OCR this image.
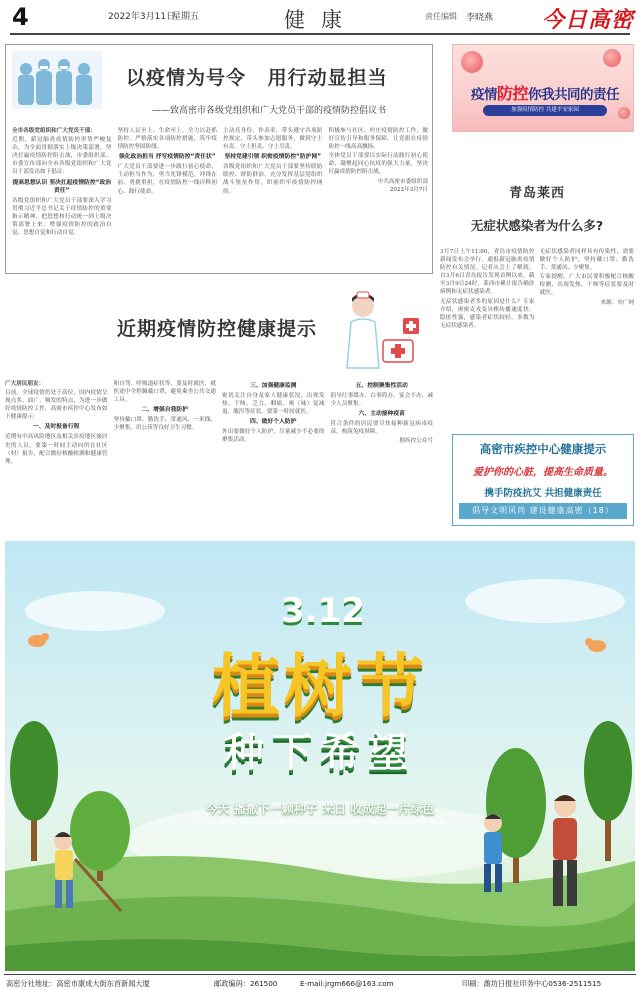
4	2022年3月11日
星期五	健康	责任编辑 李晓燕 今日高密
以疫情为号令 用行动显担当
——致高密市各级党组织和广大党员干部的疫情防控倡议书

全市各级党组织和广大党员干部：

近期，新冠肺炎疫情防控形势严峻复杂，为全面贯彻落实上级决策部署，坚决打赢疫情防控阻击战，市委组织部、市委宣传部向全市各级党组织和广大党员干部发出如下倡议：

提高思想认识 坚决扛起疫情防控“政治责任”

各级党组织和广大党员干部要深入学习贯彻习近平总书记关于疫情防控的重要指示精神，把思想和行动统一到上级决策部署上来，增强疫情防控的政治自觉、思想自觉和行动自觉。

坚持人民至上、生命至上，全力以赴抓防控，严格落实各项防控措施，筑牢疫情防控坚固防线。

强化政治担当 抒写疫情防控“责任状”

广大党员干部要进一步践行初心使命，主动担当作为，勇当先锋模范，冲锋在前、勇挑重担，在疫情防控一线诠释初心、践行使命。

主动亮身份、作表率，带头遵守各项防控规定，带头参加志愿服务，做到守土有责、守土担责、守土尽责。

坚持党建引领 织密疫情防控“防护网”

各级党组织和广大党员干部要坚持联防联控、群防群治，充分发挥基层党组织战斗堡垒作用，织密织牢疫情防控网络。

积极参与社区、村庄疫情防控工作，做好宣传引导和服务保障，让党旗在疫情防控一线高高飘扬。

全体党员干部要以实际行动践行初心使命，凝聚起同心抗疫的强大力量，坚决打赢疫情防控阻击战。

中共高密市委组织部
2022年3月7日
疫情防控你我共同的责任
加强疫情防控 共建平安家园
青岛莱西
无症状感染者为什么多?

3月7日上午11:00，青岛市疫情防控新闻发布会举行。通报新冠肺炎疫情防控有关情况。记者从会上了解到，自3月6日青岛报告发现首例以来，截至3月9日24时，莱西市累计报告确诊病例和无症状感染者。

无症状感染者多的原因是什么？专家介绍，奥密克戎变异株传播速度快、隐匿性强，感染者症状较轻，多数为无症状感染者。

无症状感染者同样具有传染性，需要做好个人防护，坚持戴口罩、勤洗手、常通风、少聚集。

专家提醒，广大市民要积极配合核酸检测，出现发热、干咳等症状要及时就医。

来源：央广网
近期疫情防控健康提示

广大居民朋友：

目前，全球疫情仍处于高位，国内疫情呈现点多、面广、频发的特点，为进一步做好疫情防控工作，高密市疾控中心发布如下健康提示：

一、及时报备行程

近期有中高风险地区及相关涉疫地区旅居史的人员，要第一时间主动向所在社区（村）报告，配合做好核酸检测和健康管理。

和自驾、呼吸道症状等，要及时就医，就医途中全程佩戴口罩，避免乘坐公共交通工具。

二、增强自我防护

坚持戴口罩、勤洗手、常通风、一米线、少聚集、用公筷等良好卫生习惯。

三、加强健康监测

密切关注自身及家人健康状况，出现发热、干咳、乏力、咽痛、嗅（味）觉减退、腹泻等症状，要第一时间就医。

四、做好个人防护

外出要做好个人防护，尽量减少不必要的聚集活动。

五、控制聚集性活动

倡导红事缓办、白事简办、宴会不办，减少人员聚集。

六、主动接种疫苗

符合条件的居民要尽快接种新冠病毒疫苗，构筑免疫屏障。

据疾控公众号
高密市疾控中心健康提示
爱护你的心脏，提高生命质量。
携手防疫抗艾 共担健康责任
倡导文明风尚 建设健康高密（18）
3.12
植树节
种下希望
今天 播撒下一颗种子 来日 收成起一片绿色
TREE PLANTING DAY ADDS A GREEN AND BEAUTIFUL HOME CHERISH OUR COMMON HOME
高密分社地址：高密市康成大街东首新闻大厦	邮政编码：261500	E-mail:jrgm666@163.com	印刷：潍坊日报社印务中心0536-2511515
